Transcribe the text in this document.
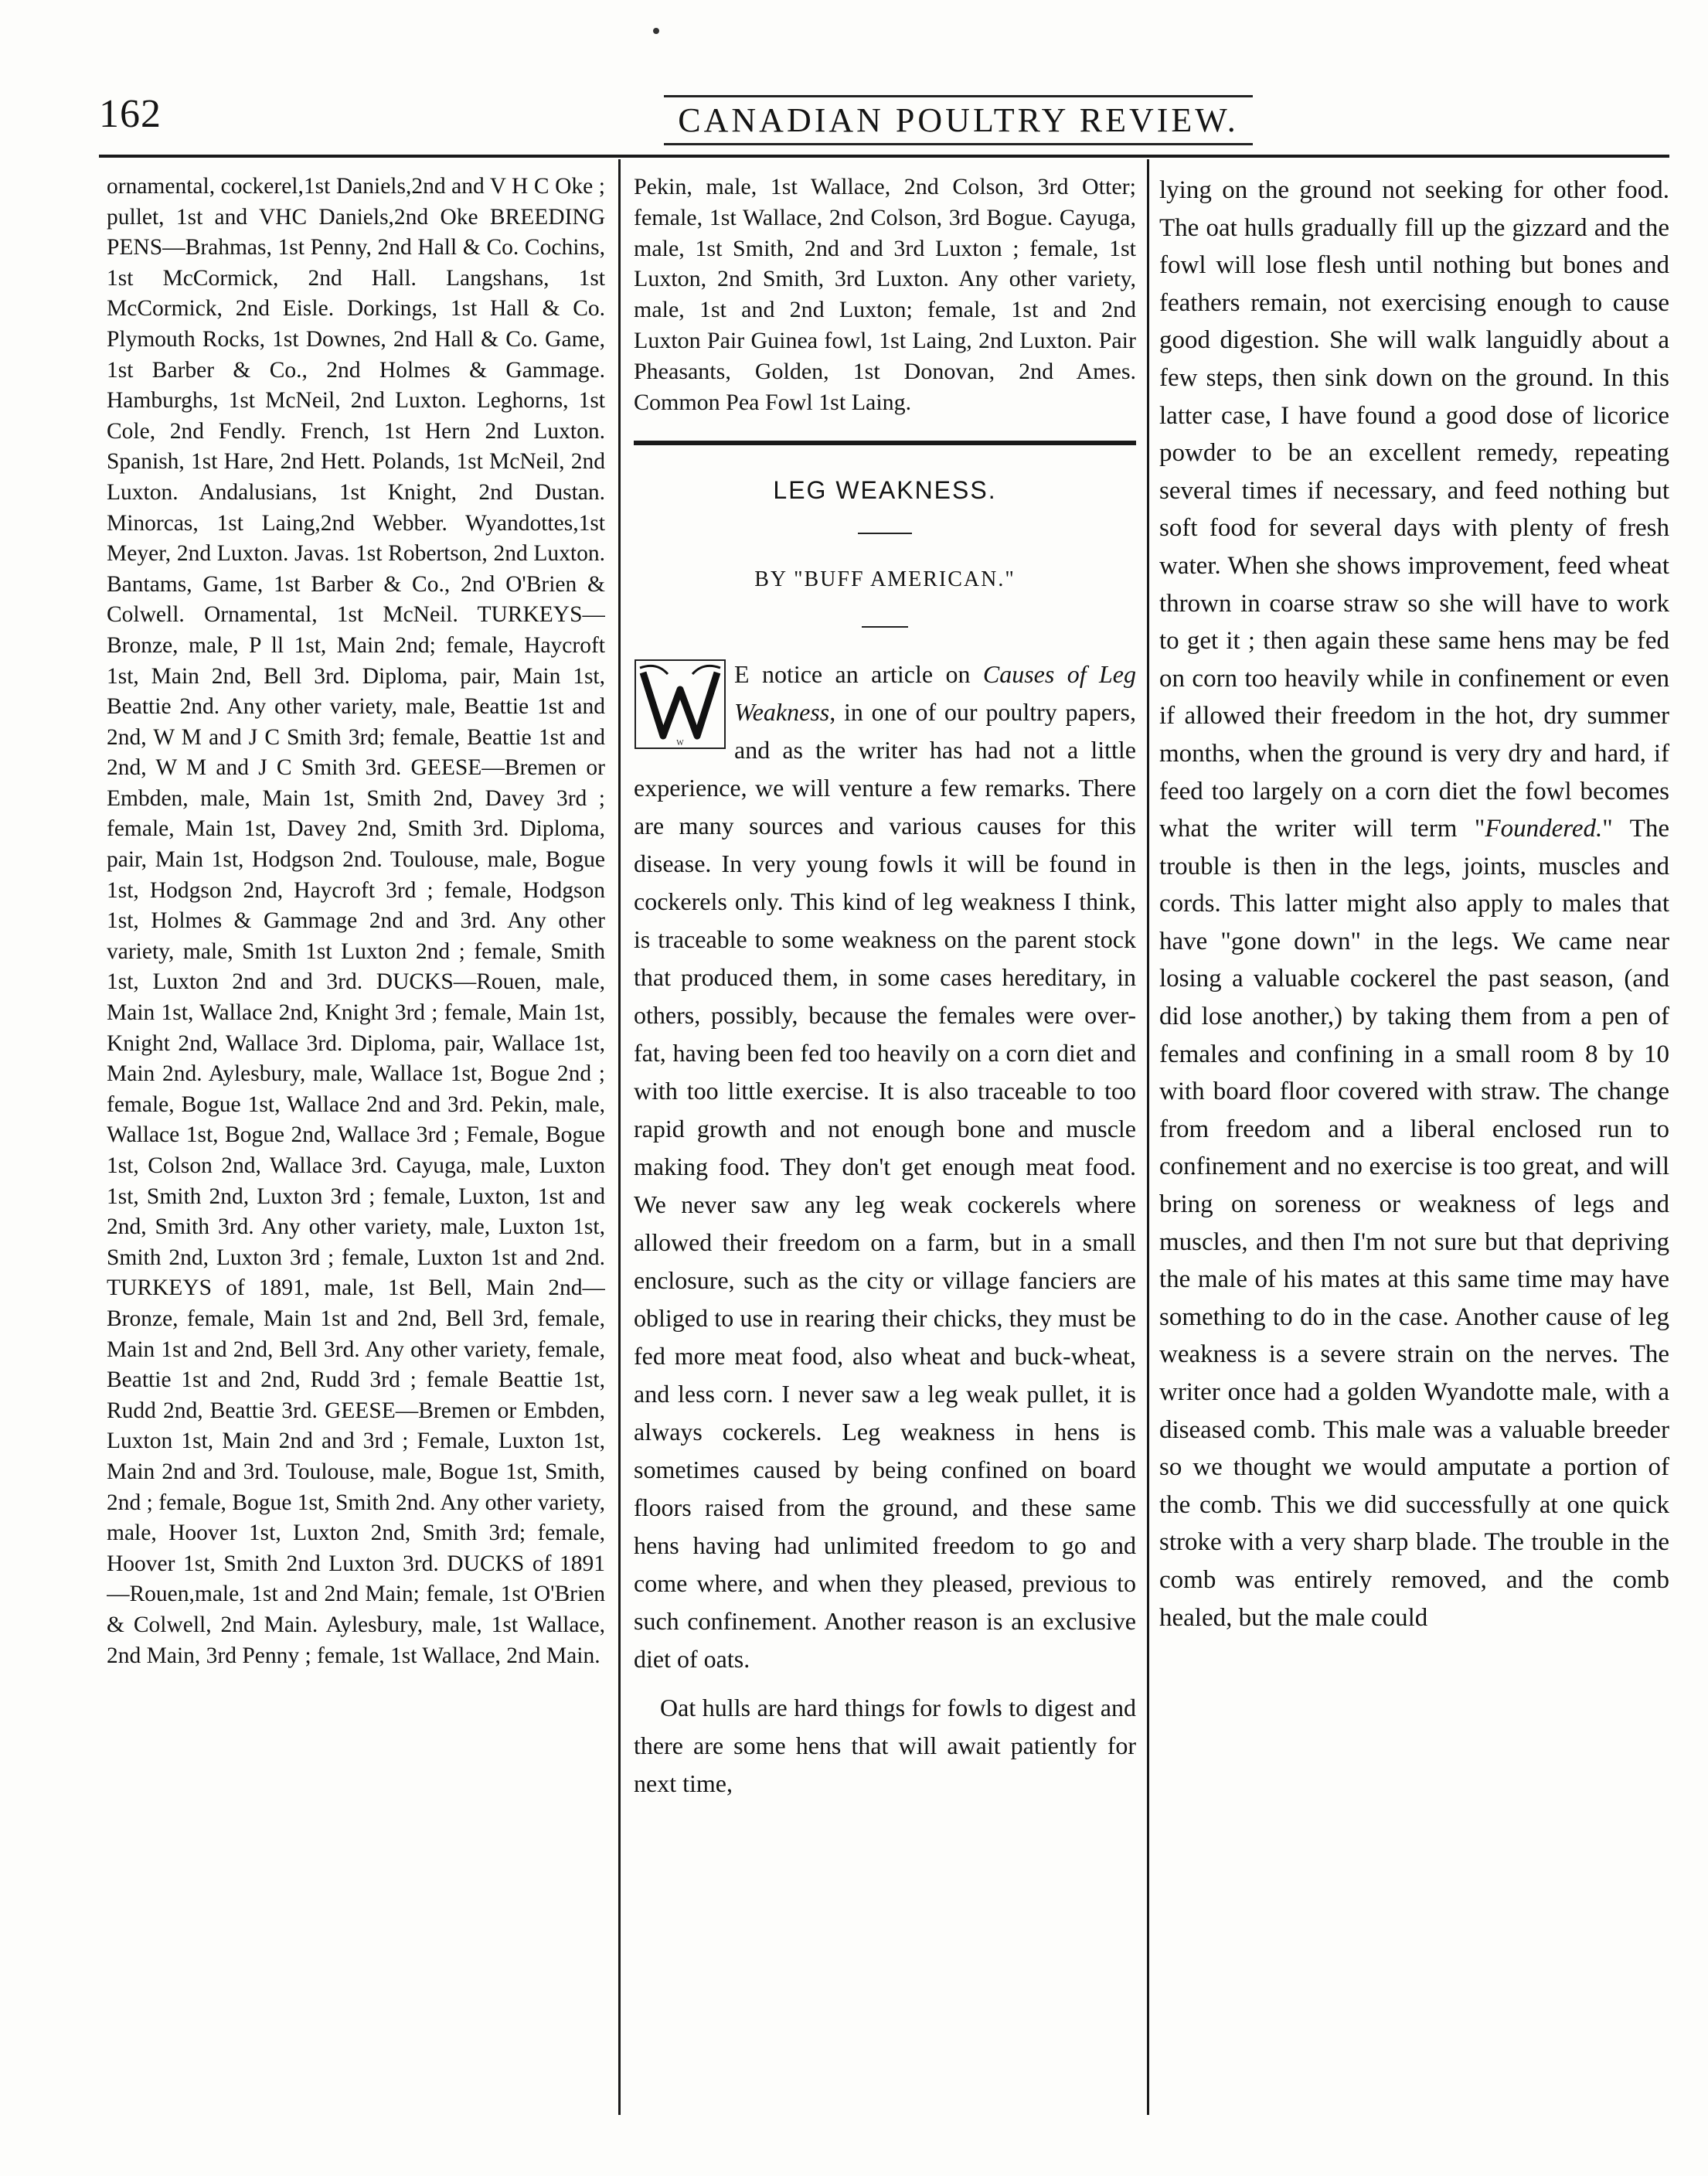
162	CANADIAN POULTRY REVIEW.

ornamental, cockerel,1st Daniels,2nd and V H C Oke ; pullet, 1st and VHC Daniels,2nd Oke BREEDING PENS—Brahmas, 1st Penny, 2nd Hall & Co. Cochins, 1st McCormick, 2nd Hall. Langshans, 1st McCormick, 2nd Eisle. Dorkings, 1st Hall & Co. Plymouth Rocks, 1st Downes, 2nd Hall & Co. Game, 1st Barber & Co., 2nd Holmes & Gammage. Hamburghs, 1st McNeil, 2nd Luxton. Leghorns, 1st Cole, 2nd Fendly. French, 1st Hern 2nd Luxton. Spanish, 1st Hare, 2nd Hett. Polands, 1st McNeil, 2nd Luxton. Andalusians, 1st Knight, 2nd Dustan. Minorcas, 1st Laing,2nd Webber. Wyandottes,1st Meyer, 2nd Luxton. Javas. 1st Robertson, 2nd Luxton. Bantams, Game, 1st Barber & Co., 2nd O'Brien & Colwell. Ornamental, 1st McNeil. TURKEYS—Bronze, male, P ll 1st, Main 2nd; female, Haycroft 1st, Main 2nd, Bell 3rd. Diploma, pair, Main 1st, Beattie 2nd. Any other variety, male, Beattie 1st and 2nd, W M and J C Smith 3rd; female, Beattie 1st and 2nd, W M and J C Smith 3rd. GEESE—Bremen or Embden, male, Main 1st, Smith 2nd, Davey 3rd ; female, Main 1st, Davey 2nd, Smith 3rd. Diploma, pair, Main 1st, Hodgson 2nd. Toulouse, male, Bogue 1st, Hodgson 2nd, Haycroft 3rd ; female, Hodgson 1st, Holmes & Gammage 2nd and 3rd. Any other variety, male, Smith 1st Luxton 2nd ; female, Smith 1st, Luxton 2nd and 3rd. DUCKS—Rouen, male, Main 1st, Wallace 2nd, Knight 3rd ; female, Main 1st, Knight 2nd, Wallace 3rd. Diploma, pair, Wallace 1st, Main 2nd. Aylesbury, male, Wallace 1st, Bogue 2nd ; female, Bogue 1st, Wallace 2nd and 3rd. Pekin, male, Wallace 1st, Bogue 2nd, Wallace 3rd ; Female, Bogue 1st, Colson 2nd, Wallace 3rd. Cayuga, male, Luxton 1st, Smith 2nd, Luxton 3rd ; female, Luxton, 1st and 2nd, Smith 3rd. Any other variety, male, Luxton 1st, Smith 2nd, Luxton 3rd ; female, Luxton 1st and 2nd. TURKEYS of 1891, male, 1st Bell, Main 2nd—Bronze, female, Main 1st and 2nd, Bell 3rd, female, Main 1st and 2nd, Bell 3rd. Any other variety, female, Beattie 1st and 2nd, Rudd 3rd ; female Beattie 1st, Rudd 2nd, Beattie 3rd. GEESE—Bremen or Embden, Luxton 1st, Main 2nd and 3rd ; Female, Luxton 1st, Main 2nd and 3rd. Toulouse, male, Bogue 1st, Smith, 2nd ; female, Bogue 1st, Smith 2nd. Any other variety, male, Hoover 1st, Luxton 2nd, Smith 3rd; female, Hoover 1st, Smith 2nd Luxton 3rd. DUCKS of 1891—Rouen,male, 1st and 2nd Main; female, 1st O'Brien & Colwell, 2nd Main. Aylesbury, male, 1st Wallace, 2nd Main, 3rd Penny ; female, 1st Wallace, 2nd Main.

Pekin, male, 1st Wallace, 2nd Colson, 3rd Otter; female, 1st Wallace, 2nd Colson, 3rd Bogue. Cayuga, male, 1st Smith, 2nd and 3rd Luxton ; female, 1st Luxton, 2nd Smith, 3rd Luxton. Any other variety, male, 1st and 2nd Luxton; female, 1st and 2nd Luxton Pair Guinea fowl, 1st Laing, 2nd Luxton. Pair Pheasants, Golden, 1st Donovan, 2nd Ames. Common Pea Fowl 1st Laing.

LEG WEAKNESS.

BY "BUFF AMERICAN."

W
E notice an article on Causes of Leg Weakness, in one of our poultry papers, and as the writer has had not a little experience, we will venture a few remarks. There are many sources and various causes for this disease. In very young fowls it will be found in cockerels only. This kind of leg weakness I think, is traceable to some weakness on the parent stock that produced them, in some cases hereditary, in others, possibly, because the females were over-fat, having been fed too heavily on a corn diet and with too little exercise. It is also traceable to too rapid growth and not enough bone and muscle making food. They don't get enough meat food. We never saw any leg weak cockerels where allowed their freedom on a farm, but in a small enclosure, such as the city or village fanciers are obliged to use in rearing their chicks, they must be fed more meat food, also wheat and buck-wheat, and less corn. I never saw a leg weak pullet, it is always cockerels. Leg weakness in hens is sometimes caused by being confined on board floors raised from the ground, and these same hens having had unlimited freedom to go and come where, and when they pleased, previous to such confinement. Another reason is an exclusive diet of oats.

Oat hulls are hard things for fowls to digest and there are some hens that will await patiently for next time,

lying on the ground not seeking for other food. The oat hulls gradually fill up the gizzard and the fowl will lose flesh until nothing but bones and feathers remain, not exercising enough to cause good digestion. She will walk languidly about a few steps, then sink down on the ground. In this latter case, I have found a good dose of licorice powder to be an excellent remedy, repeating several times if necessary, and feed nothing but soft food for several days with plenty of fresh water. When she shows improvement, feed wheat thrown in coarse straw so she will have to work to get it ; then again these same hens may be fed on corn too heavily while in confinement or even if allowed their freedom in the hot, dry summer months, when the ground is very dry and hard, if feed too largely on a corn diet the fowl becomes what the writer will term "Foundered." The trouble is then in the legs, joints, muscles and cords. This latter might also apply to males that have "gone down" in the legs. We came near losing a valuable cockerel the past season, (and did lose another,) by taking them from a pen of females and confining in a small room 8 by 10 with board floor covered with straw. The change from freedom and a liberal enclosed run to confinement and no exercise is too great, and will bring on soreness or weakness of legs and muscles, and then I'm not sure but that depriving the male of his mates at this same time may have something to do in the case. Another cause of leg weakness is a severe strain on the nerves. The writer once had a golden Wyandotte male, with a diseased comb. This male was a valuable breeder so we thought we would amputate a portion of the comb. This we did successfully at one quick stroke with a very sharp blade. The trouble in the comb was entirely removed, and the comb healed, but the male could
